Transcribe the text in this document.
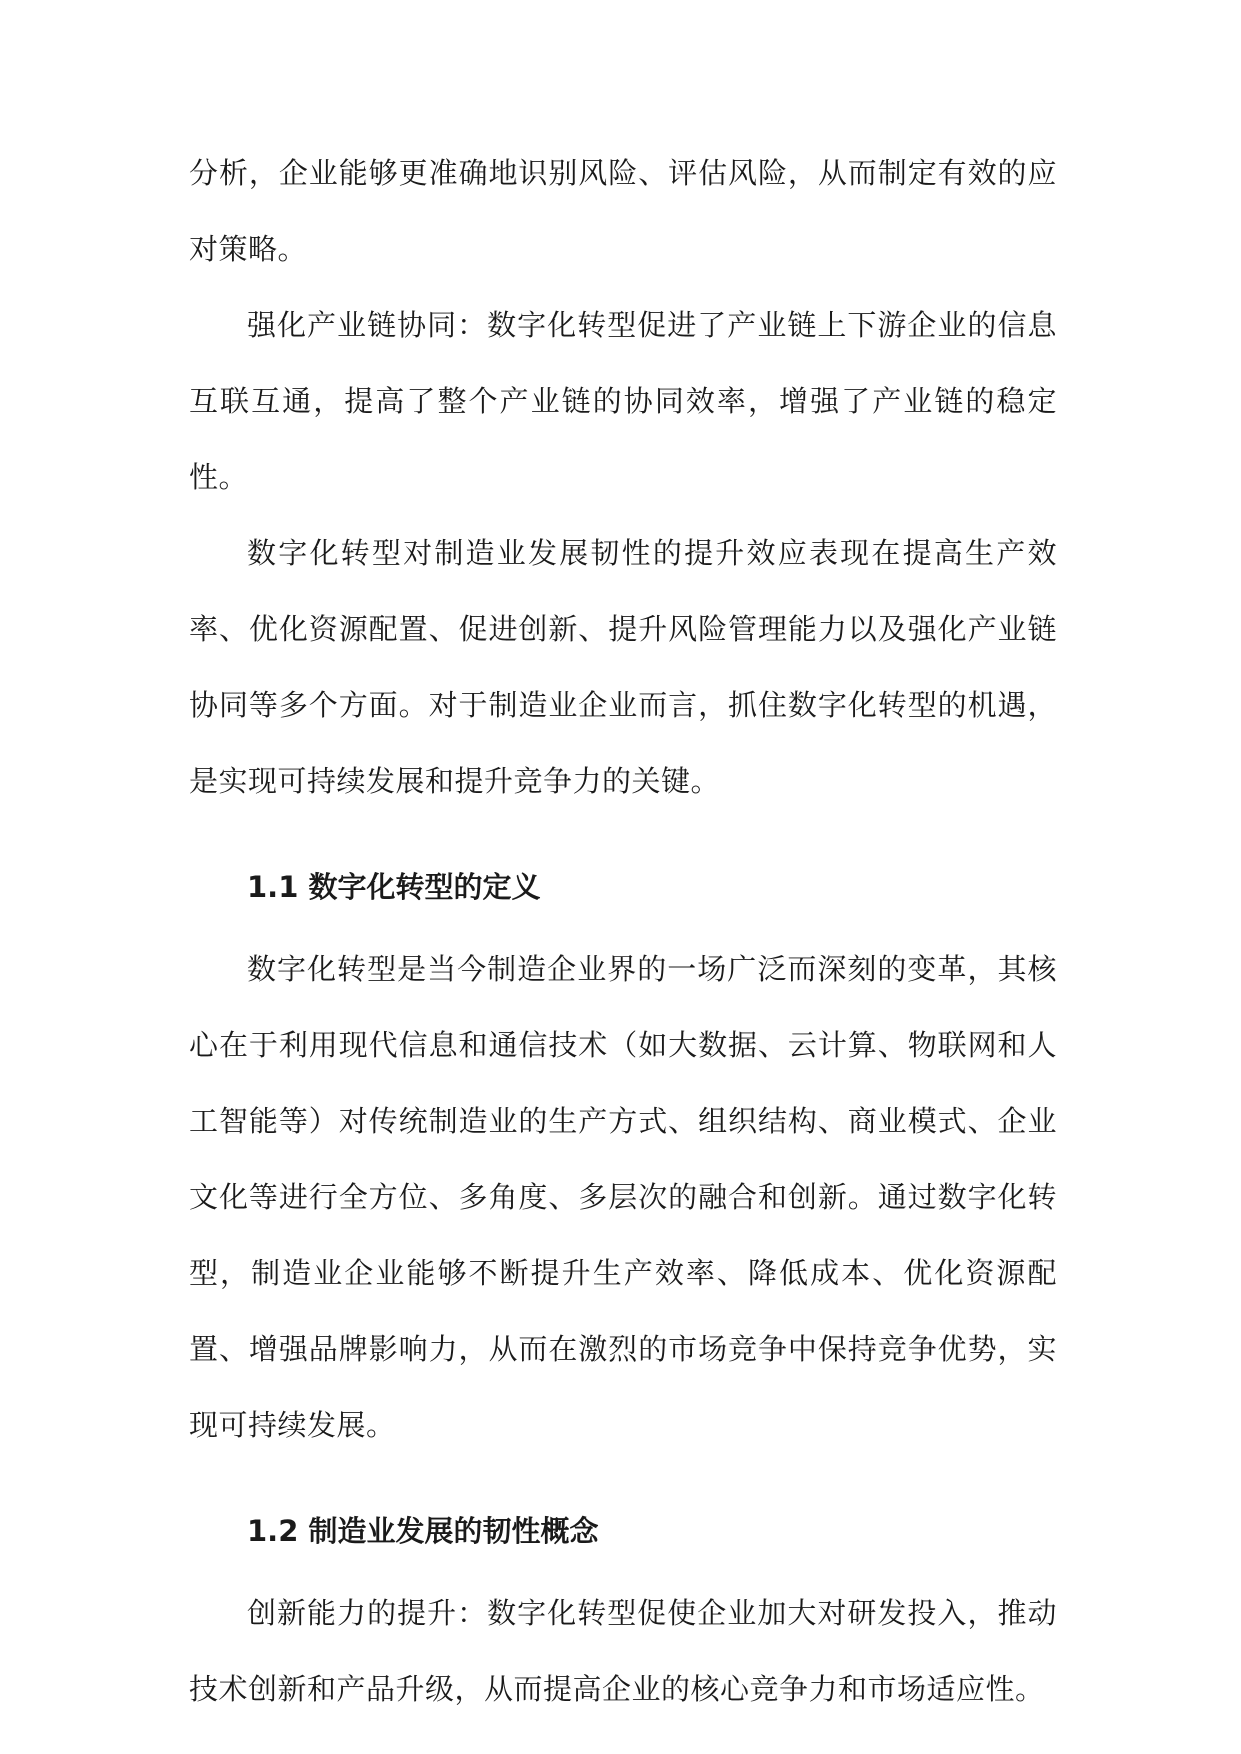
分析，企业能够更准确地识别风险、评估风险，从而制定有效的应对策略。

强化产业链协同：数字化转型促进了产业链上下游企业的信息互联互通，提高了整个产业链的协同效率，增强了产业链的稳定性。

数字化转型对制造业发展韧性的提升效应表现在提高生产效率、优化资源配置、促进创新、提升风险管理能力以及强化产业链协同等多个方面。对于制造业企业而言，抓住数字化转型的机遇，是实现可持续发展和提升竞争力的关键。

1.1 数字化转型的定义

数字化转型是当今制造企业界的一场广泛而深刻的变革，其核心在于利用现代信息和通信技术（如大数据、云计算、物联网和人工智能等）对传统制造业的生产方式、组织结构、商业模式、企业文化等进行全方位、多角度、多层次的融合和创新。通过数字化转型，制造业企业能够不断提升生产效率、降低成本、优化资源配置、增强品牌影响力，从而在激烈的市场竞争中保持竞争优势，实现可持续发展。

1.2 制造业发展的韧性概念

创新能力的提升：数字化转型促使企业加大对研发投入，推动技术创新和产品升级，从而提高企业的核心竞争力和市场适应性。
